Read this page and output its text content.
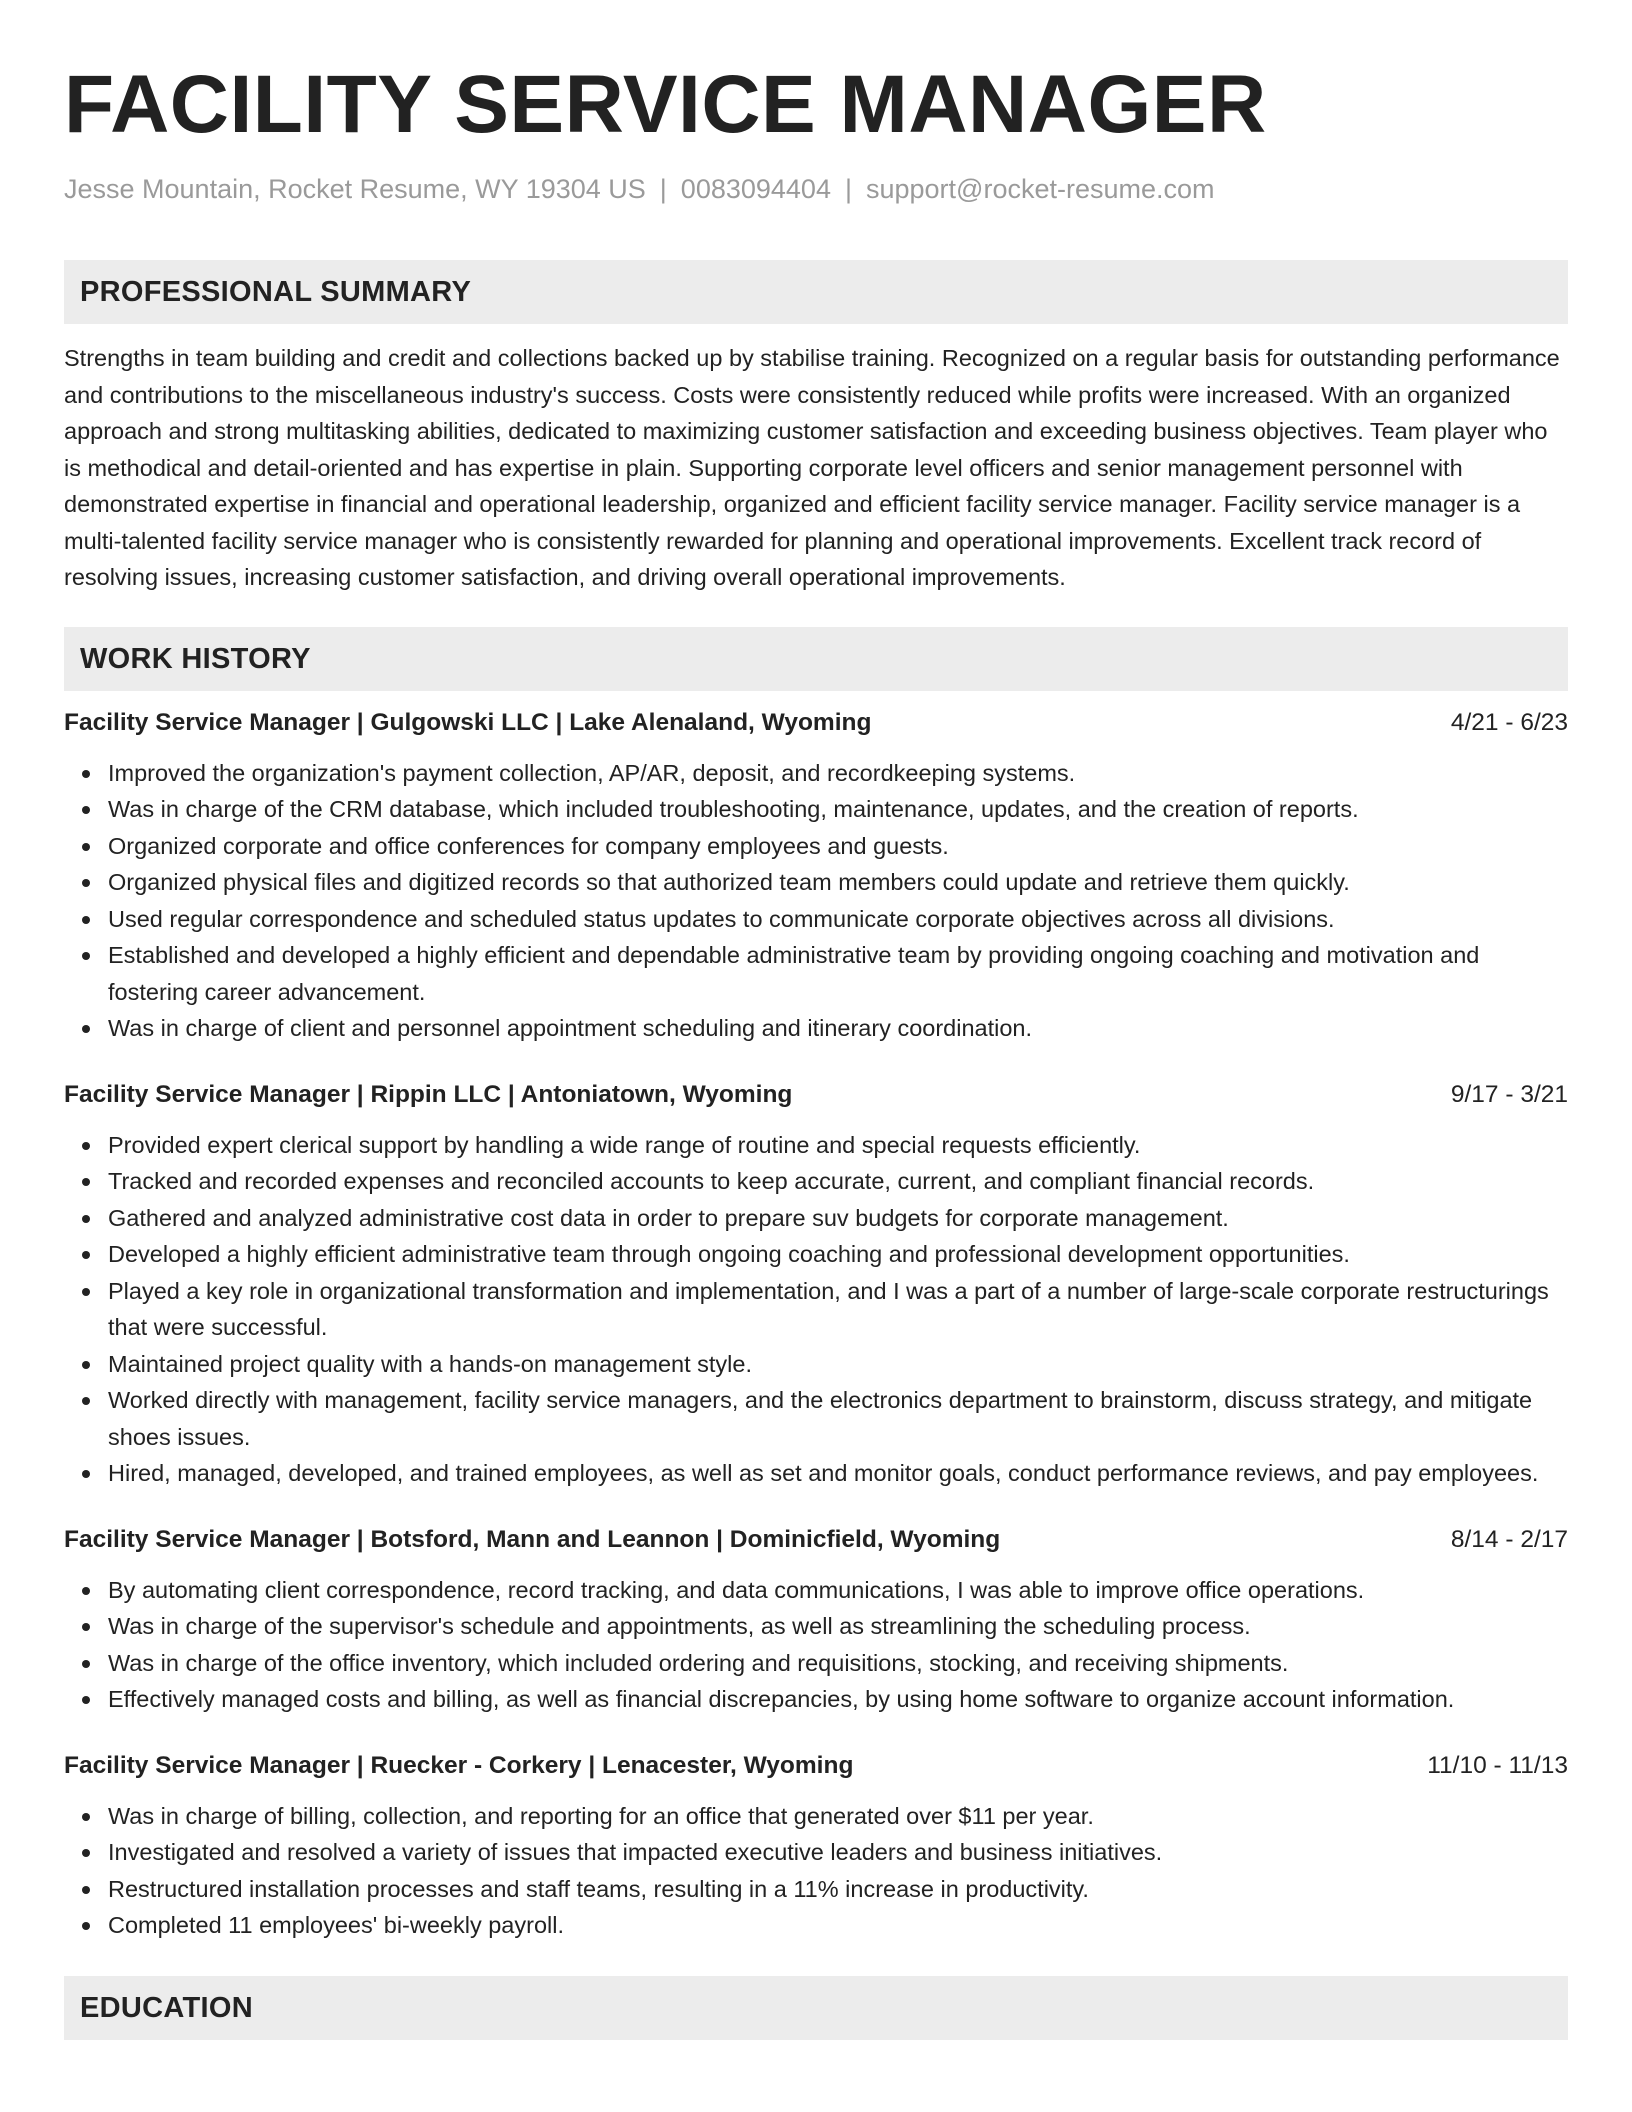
FACILITY SERVICE MANAGER
Jesse Mountain, Rocket Resume, WY 19304 US | 0083094404 | support@rocket-resume.com
PROFESSIONAL SUMMARY

Strengths in team building and credit and collections backed up by stabilise training. Recognized on a regular basis for outstanding performance and contributions to the miscellaneous industry's success. Costs were consistently reduced while profits were increased. With an organized approach and strong multitasking abilities, dedicated to maximizing customer satisfaction and exceeding business objectives. Team player who is methodical and detail-oriented and has expertise in plain. Supporting corporate level officers and senior management personnel with demonstrated expertise in financial and operational leadership, organized and efficient facility service manager. Facility service manager is a multi-talented facility service manager who is consistently rewarded for planning and operational improvements. Excellent track record of resolving issues, increasing customer satisfaction, and driving overall operational improvements.

WORK HISTORY
Facility Service Manager | Gulgowski LLC | Lake Alenaland, Wyoming	4/21 - 6/23
Improved the organization's payment collection, AP/AR, deposit, and recordkeeping systems.
Was in charge of the CRM database, which included troubleshooting, maintenance, updates, and the creation of reports.
Organized corporate and office conferences for company employees and guests.
Organized physical files and digitized records so that authorized team members could update and retrieve them quickly.
Used regular correspondence and scheduled status updates to communicate corporate objectives across all divisions.
Established and developed a highly efficient and dependable administrative team by providing ongoing coaching and motivation and fostering career advancement.
Was in charge of client and personnel appointment scheduling and itinerary coordination.
Facility Service Manager | Rippin LLC | Antoniatown, Wyoming	9/17 - 3/21
Provided expert clerical support by handling a wide range of routine and special requests efficiently.
Tracked and recorded expenses and reconciled accounts to keep accurate, current, and compliant financial records.
Gathered and analyzed administrative cost data in order to prepare suv budgets for corporate management.
Developed a highly efficient administrative team through ongoing coaching and professional development opportunities.
Played a key role in organizational transformation and implementation, and I was a part of a number of large-scale corporate restructurings that were successful.
Maintained project quality with a hands-on management style.
Worked directly with management, facility service managers, and the electronics department to brainstorm, discuss strategy, and mitigate shoes issues.
Hired, managed, developed, and trained employees, as well as set and monitor goals, conduct performance reviews, and pay employees.
Facility Service Manager | Botsford, Mann and Leannon | Dominicfield, Wyoming	8/14 - 2/17
By automating client correspondence, record tracking, and data communications, I was able to improve office operations.
Was in charge of the supervisor's schedule and appointments, as well as streamlining the scheduling process.
Was in charge of the office inventory, which included ordering and requisitions, stocking, and receiving shipments.
Effectively managed costs and billing, as well as financial discrepancies, by using home software to organize account information.
Facility Service Manager | Ruecker - Corkery | Lenacester, Wyoming	11/10 - 11/13
Was in charge of billing, collection, and reporting for an office that generated over $11 per year.
Investigated and resolved a variety of issues that impacted executive leaders and business initiatives.
Restructured installation processes and staff teams, resulting in a 11% increase in productivity.
Completed 11 employees' bi-weekly payroll.
EDUCATION
